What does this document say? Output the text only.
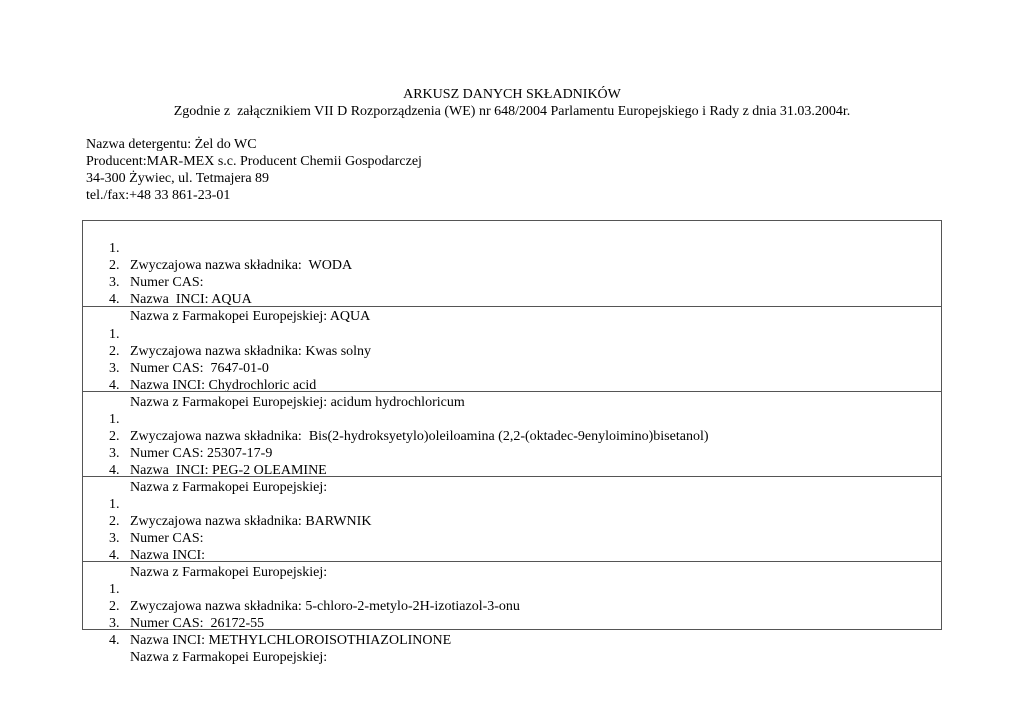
ARKUSZ DANYCH SKŁADNIKÓW
Zgodnie z  załącznikiem VII D Rozporządzenia (WE) nr 648/2004 Parlamentu Europejskiego i Rady z dnia 31.03.2004r.
Nazwa detergentu: Żel do WC
Producent:MAR-MEX s.c. Producent Chemii Gospodarczej
34-300 Żywiec, ul. Tetmajera 89
tel./fax:+48 33 861-23-01

1.

Zwyczajowa nazwa składnika:  WODA

2.

Numer CAS:

3.

Nazwa  INCI: AQUA

4.

Nazwa z Farmakopei Europejskiej: AQUA

1.

Zwyczajowa nazwa składnika: Kwas solny

2.

Numer CAS:  7647-01-0

3.

Nazwa INCI: Chydrochloric acid

4.

Nazwa z Farmakopei Europejskiej: acidum hydrochloricum

1.

Zwyczajowa nazwa składnika:  Bis(2-hydroksyetylo)oleiloamina (2,2-(oktadec-9enyloimino)bisetanol)

2.

Numer CAS: 25307-17-9

3.

Nazwa  INCI: PEG-2 OLEAMINE

4.

Nazwa z Farmakopei Europejskiej:

1.

Zwyczajowa nazwa składnika: BARWNIK

2.

Numer CAS:

3.

Nazwa INCI:

4.

Nazwa z Farmakopei Europejskiej:

1.

Zwyczajowa nazwa składnika: 5-chloro-2-metylo-2H-izotiazol-3-onu

2.

Numer CAS:  26172-55

3.

Nazwa INCI: METHYLCHLOROISOTHIAZOLINONE

4.

Nazwa z Farmakopei Europejskiej:
